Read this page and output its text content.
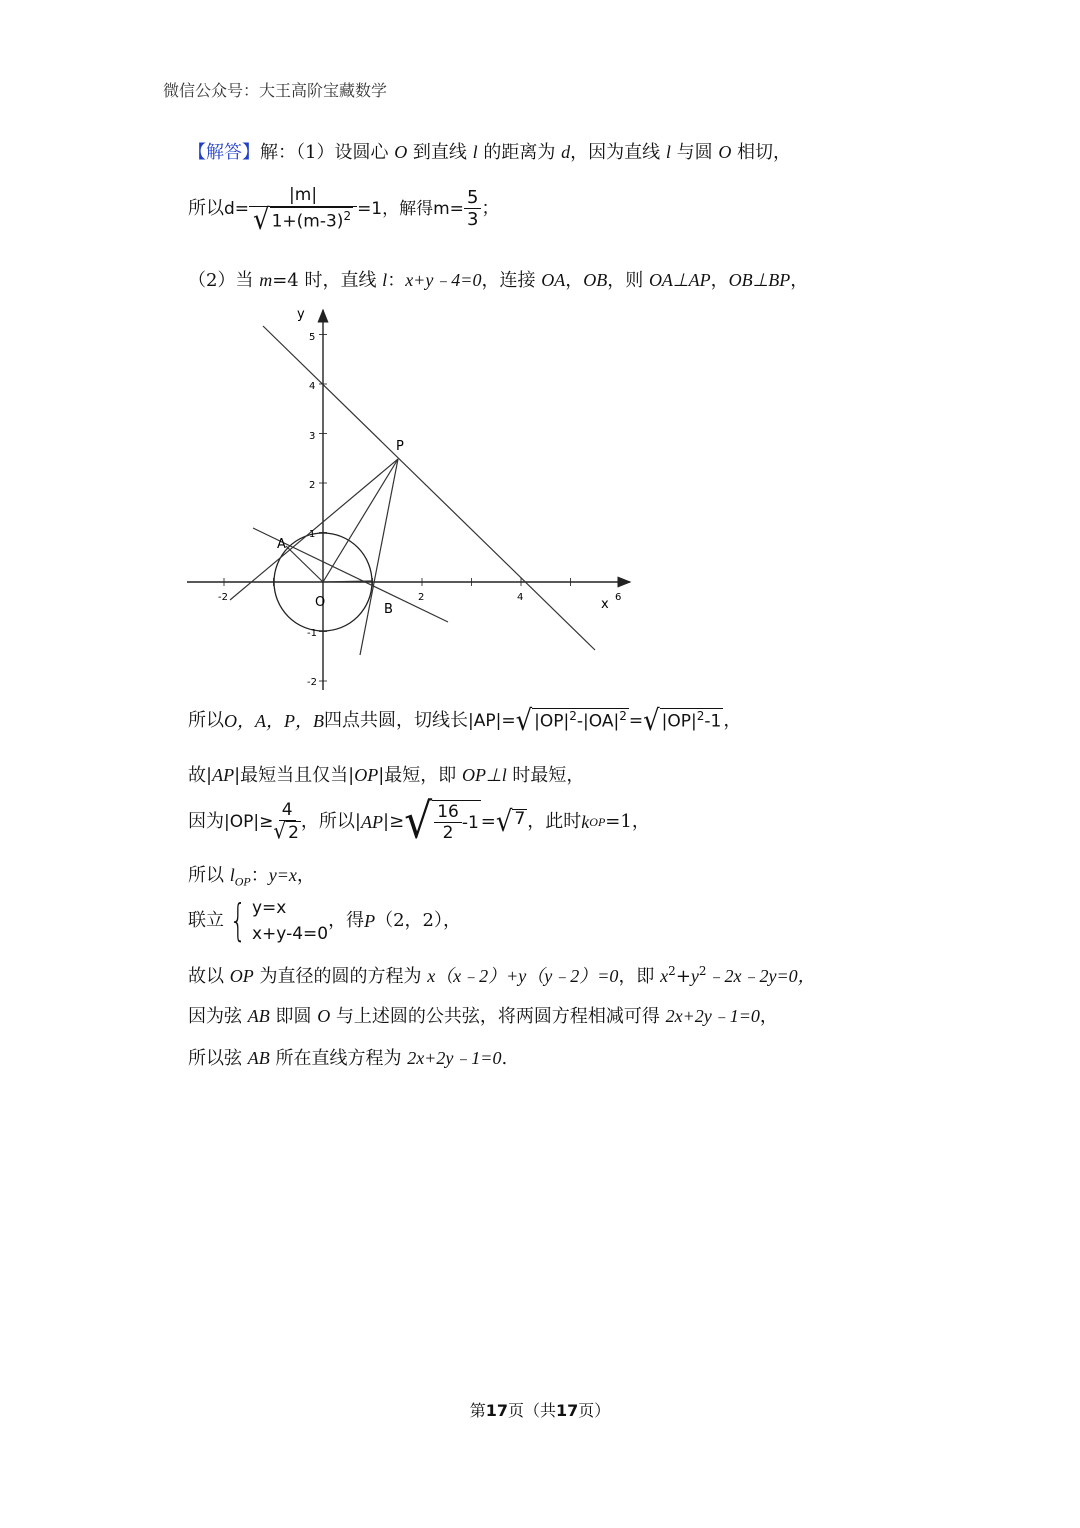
微信公众号：大王高阶宝藏数学
【解答】解：（1）设圆心 O 到直线 l 的距离为 d，因为直线 l 与圆 O 相切，
所以 $d= \frac{|m|}{√ 1+(m-3)^2} =1$，解得 $m= \frac{5}{3}$ ；
（2）当 m=4 时，直线 l：x+y﹣4=0，连接 OA，OB，则 OA⊥AP，OB⊥BP，
y
x
O
A
B
P
-2	2	4	6
5
4
3
2
1
-1
-2
所以 O，A，P，B 四点共圆，切线长 |AP|= √ $|OP|^2-|OA|^2$ = √ $|OP|^2-1$ ，
故|AP|最短当且仅当|OP|最短，即 OP⊥l 时最短，
因为 $|OP|\ge \frac{4}{√ 2}$ ，所以| AP |≥ √ $\frac{16}{2} -1$ = √ 7 ，此时 k OP =1，
所以 $l_{OP}$：y=x，
联立 { y=x
x+y-4=0
，得 P （2，2），
故以 OP 为直径的圆的方程为 x（x﹣2）+y（y﹣2）=0，即 $x^2+y^2﹣2x﹣2y=0$，
因为弦 AB 即圆 O 与上述圆的公共弦，将两圆方程相减可得 2x+2y﹣1=0，
所以弦 AB 所在直线方程为 2x+2y﹣1=0.
第17页（共17页）
